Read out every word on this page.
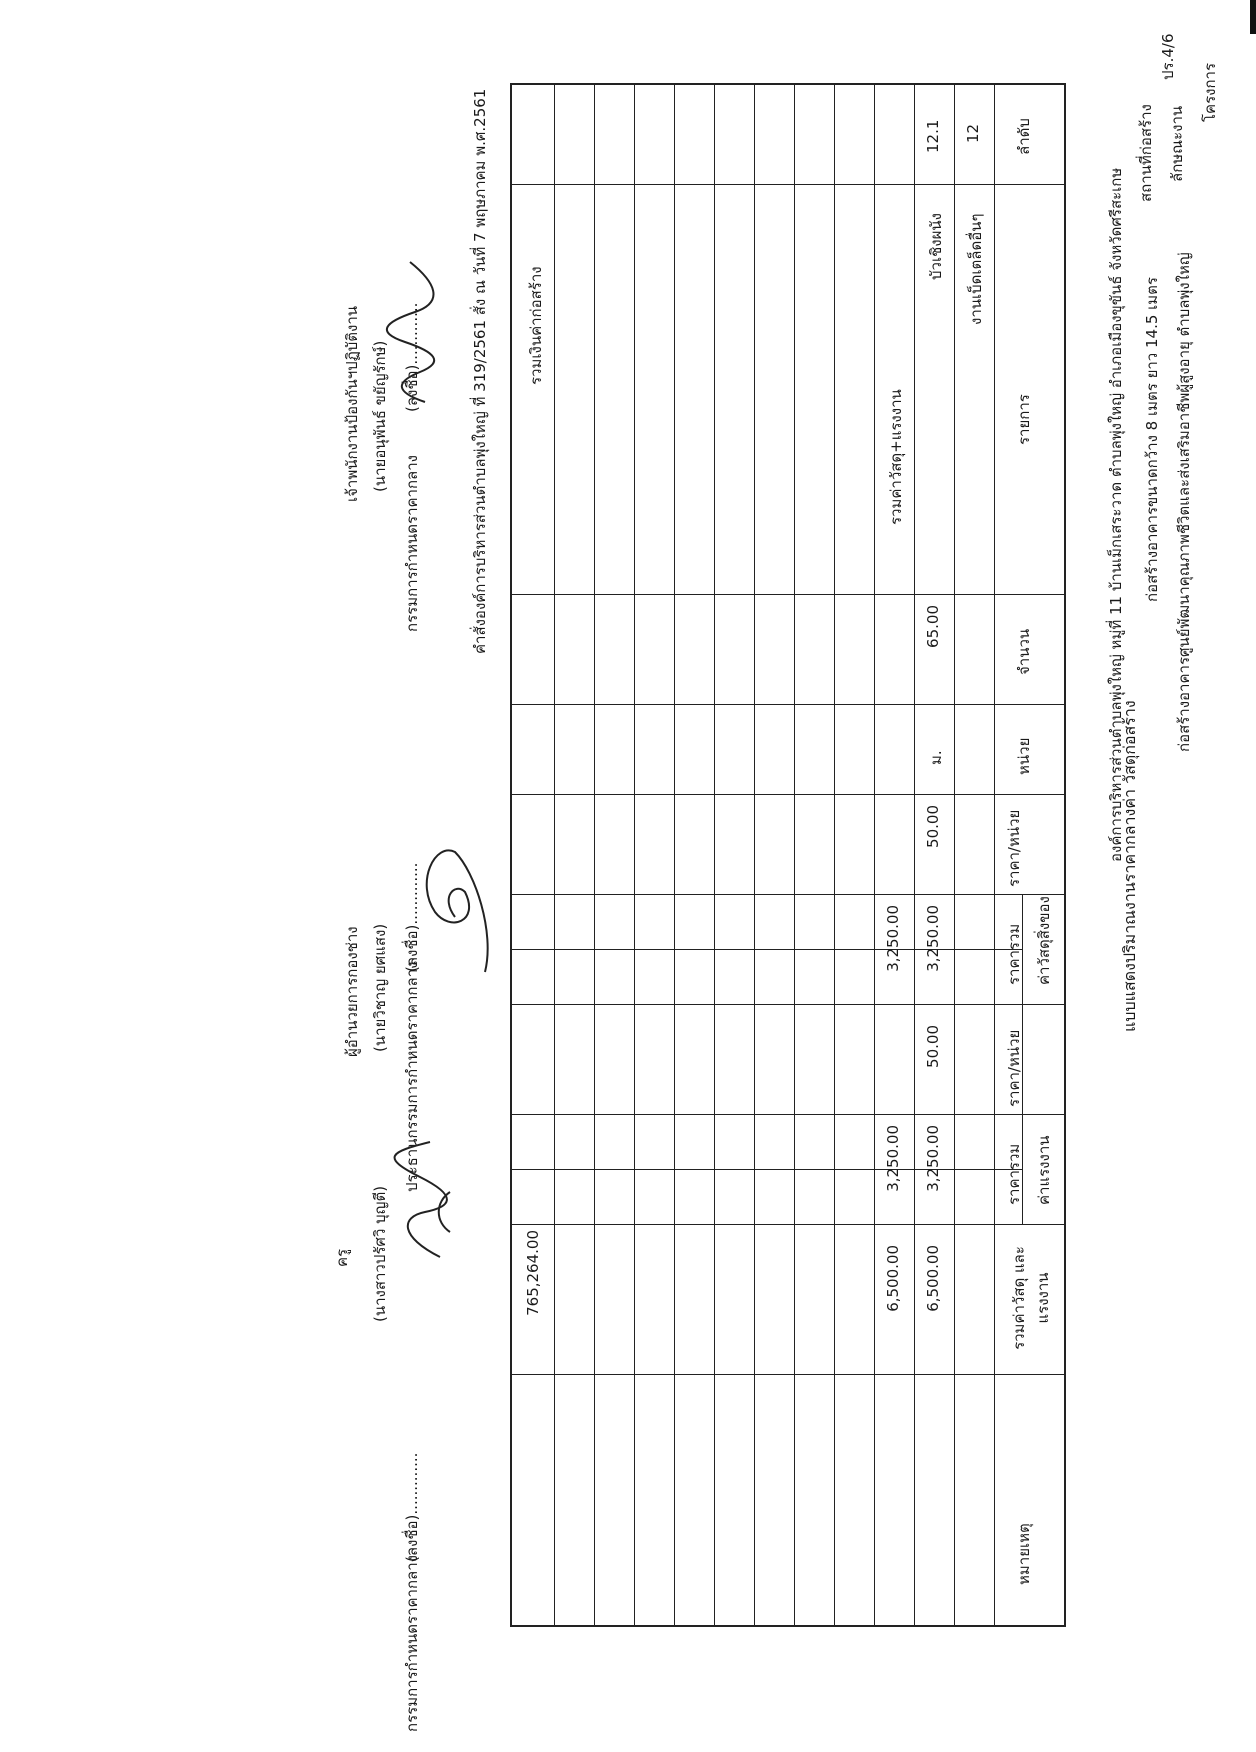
แบบแสดงปริมาณงานราคากลางค่า วัสดุก่อสร้าง
ปร.4/6
โครงการ
ลักษณะงาน
สถานที่ก่อสร้าง
ก่อสร้างอาคารศูนย์พัฒนาคุณภาพชีวิตและส่งเสริมอาชีพผู้สูงอายุ ตำบลพุ่งใหญ่
ก่อสร้างอาคารขนาดกว้าง 8 เมตร ยาว 14.5 เมตร
องค์การบริหารส่วนตำบลพุ่งใหญ่ หมู่ที่ 11 บ้านเม็กเสระวาด ตำบลพุ่งใหญ่ อำเภอเมืองขุขันธ์ จังหวัดศรีสะเกษ
ลำดับ
รายการ
จำนวน
หน่วย
ค่าวัสดุสิ่งของ
ราคา/หน่วย
ราคารวม
ค่าแรงงาน
ราคา/หน่วย
ราคารวม
รวมค่าวัสดุ และแรงงาน
หมายเหตุ
12
งานเบ็ดเตล็ดอื่นๆ
12.1
บัวเชิงผนัง
65.00
ม.
50.00
3,250.00
50.00
3,250.00
6,500.00
รวมค่าวัสดุ+แรงงาน
3,250.00
3,250.00
6,500.00
รวมเงินค่าก่อสร้าง
765,264.00
คำสั่งองค์การบริหารส่วนตำบลพุ่งใหญ่ ที่ 319/2561 สั่ง ณ วันที่ 7 พฤษภาคม พ.ศ.2561
(ลงชื่อ).............
กรรมการกำหนดราคากลาง
(นายอนุพันธ์ ขยัญรักษ์)
เจ้าพนักงานป้องกันฯปฏิบัติงาน
(ลงชื่อ).............
ประธานกรรมการกำหนดราคากลาง
(นายวิชาญ ยศแสง)
ผู้อำนวยการกองช่าง
(ลงชื่อ).............
กรรมการกำหนดราคากลาง
(นางสาวปรัศวิ บุญตี)
ครู
